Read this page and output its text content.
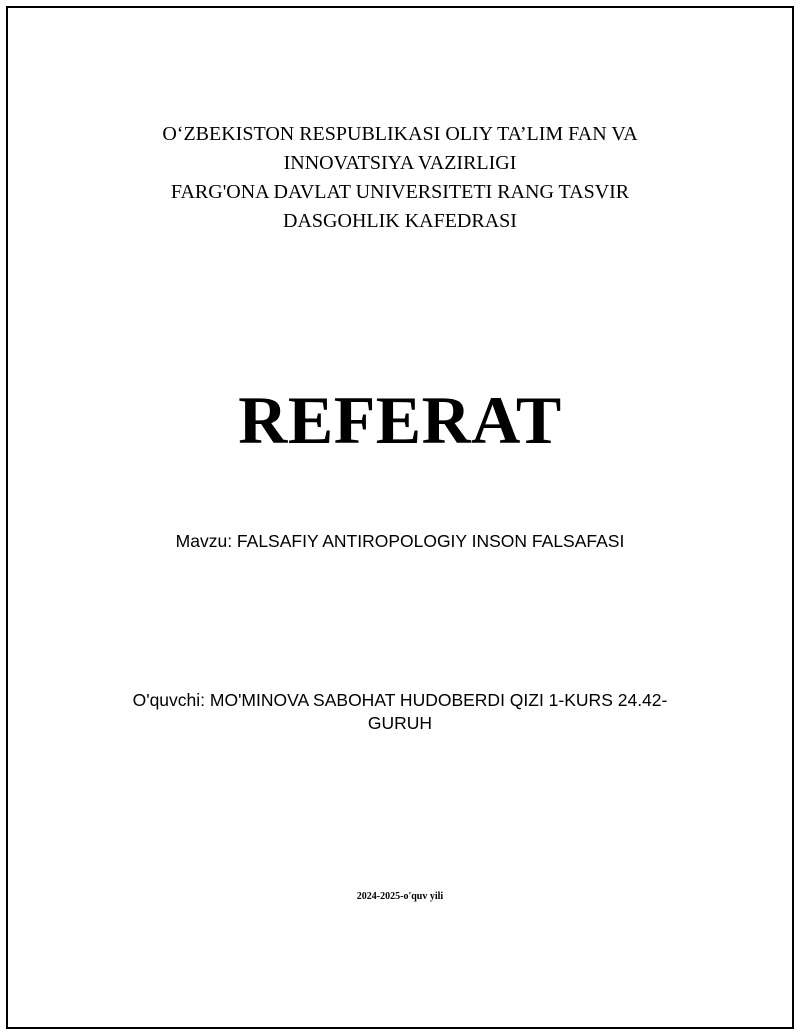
O‘ZBEKISTON RESPUBLIKASI OLIY TA’LIM FAN VA
INNOVATSIYA VAZIRLIGI
FARG'ONA DAVLAT UNIVERSITETI RANG TASVIR
DASGOHLIK KAFEDRASI
REFERAT
Mavzu: FALSAFIY ANTIROPOLOGIY INSON FALSAFASI
O'quvchi: MO'MINOVA SABOHAT HUDOBERDI QIZI 1-KURS 24.42-
GURUH
2024-2025-o'quv yili
